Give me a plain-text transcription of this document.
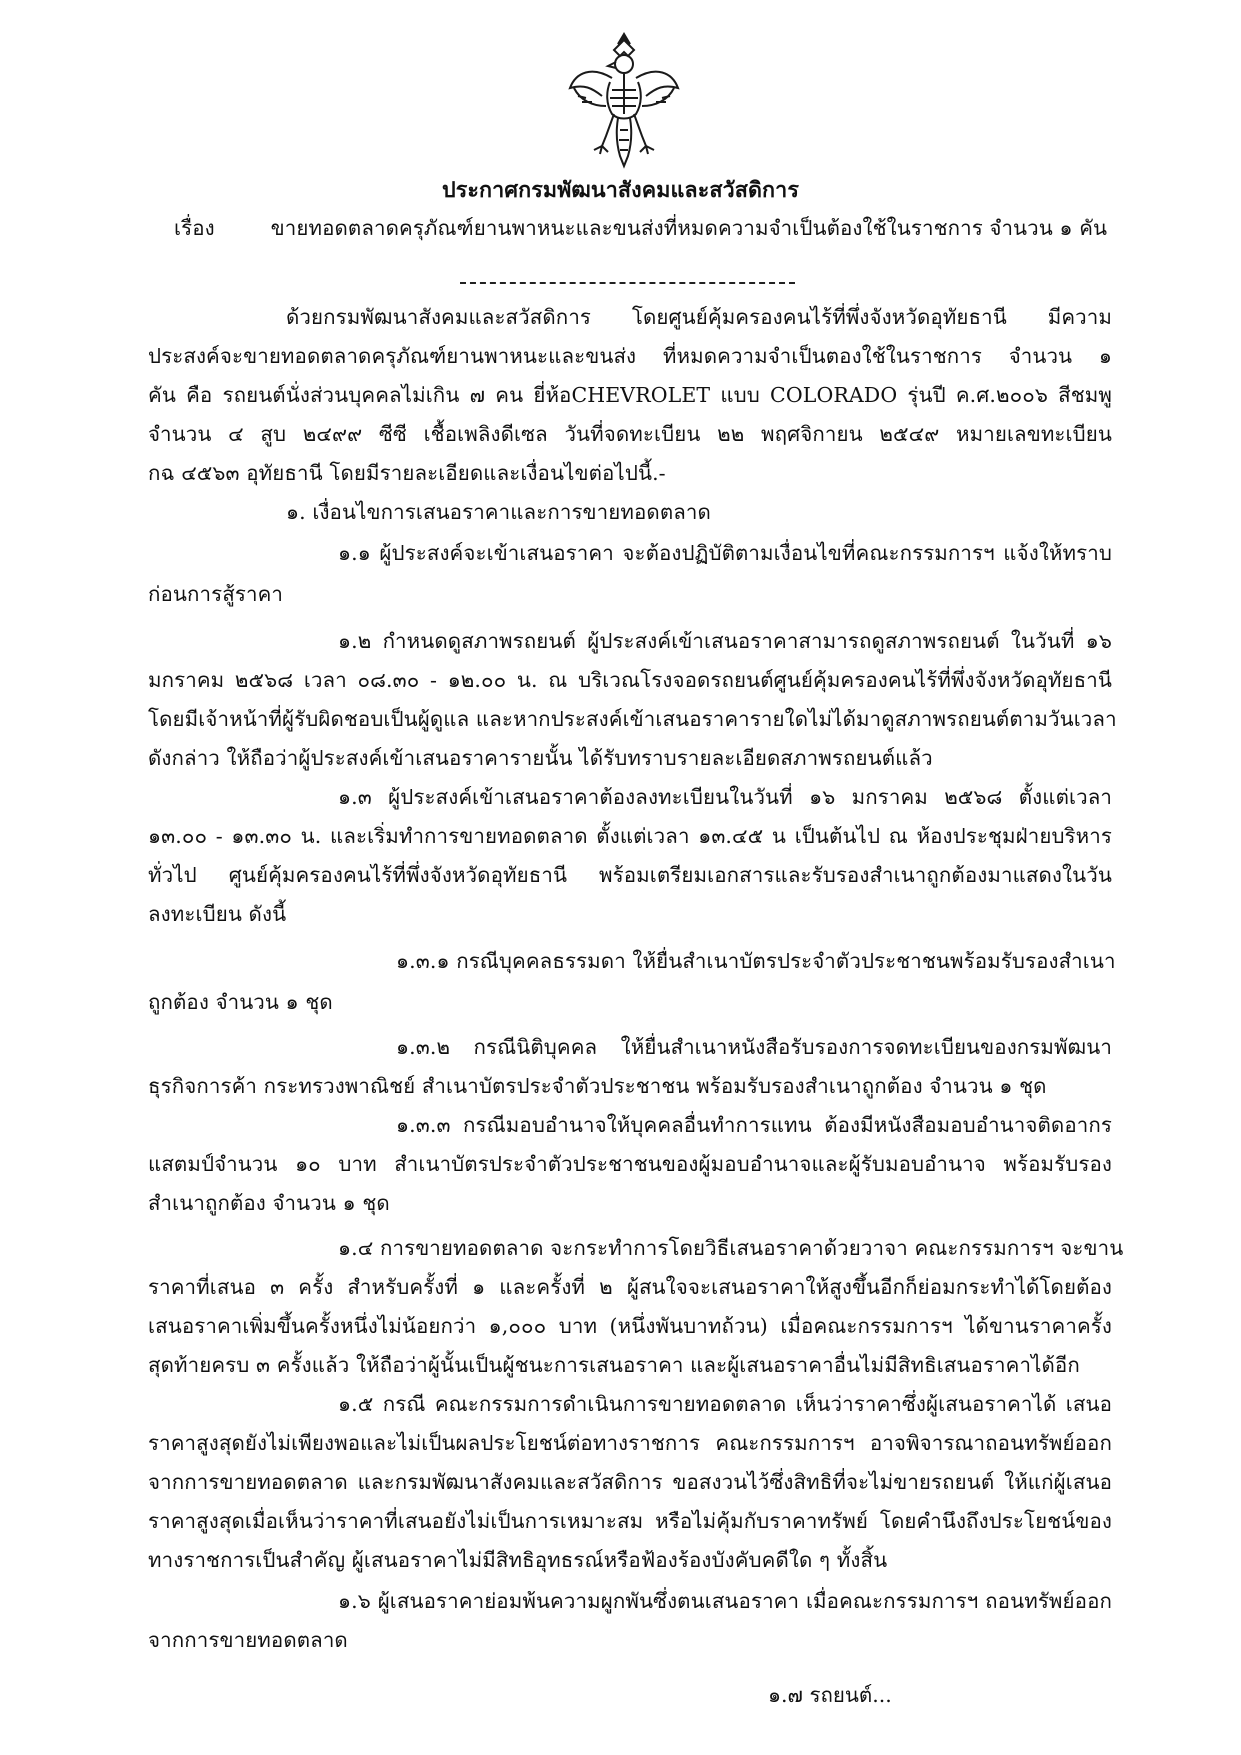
ประกาศกรมพัฒนาสังคมและสวัสดิการ
เรื่อง	ขายทอดตลาดครุภัณฑ์ยานพาหนะและขนส่งที่หมดความจำเป็นต้องใช้ในราชการ จำนวน ๑ คัน
ด้วยกรมพัฒนาสังคมและสวัสดิการ โดยศูนย์คุ้มครองคนไร้ที่พึ่งจังหวัดอุทัยธานี มีความ
ประสงค์จะขายทอดตลาดครุภัณฑ์ยานพาหนะและขนส่ง ที่หมดความจำเป็นตองใช้ในราชการ จำนวน ๑
คัน คือ รถยนต์นั่งส่วนบุคคลไม่เกิน ๗ คน ยี่ห้อCHEVROLET แบบ COLORADO รุ่นปี ค.ศ.๒๐๐๖ สีชมพู
จำนวน ๔ สูบ ๒๔๙๙ ซีซี เชื้อเพลิงดีเซล วันที่จดทะเบียน ๒๒ พฤศจิกายน ๒๕๔๙ หมายเลขทะเบียน
กฉ ๔๕๖๓ อุทัยธานี โดยมีรายละเอียดและเงื่อนไขต่อไปนี้.-
๑. เงื่อนไขการเสนอราคาและการขายทอดตลาด
๑.๑ ผู้ประสงค์จะเข้าเสนอราคา จะต้องปฏิบัติตามเงื่อนไขที่คณะกรรมการฯ แจ้งให้ทราบ
ก่อนการสู้ราคา
๑.๒ กำหนดดูสภาพรถยนต์ ผู้ประสงค์เข้าเสนอราคาสามารถดูสภาพรถยนต์ ในวันที่ ๑๖
มกราคม ๒๕๖๘ เวลา ๐๘.๓๐ - ๑๒.๐๐ น. ณ บริเวณโรงจอดรถยนต์ศูนย์คุ้มครองคนไร้ที่พึ่งจังหวัดอุทัยธานี
โดยมีเจ้าหน้าที่ผู้รับผิดชอบเป็นผู้ดูแล และหากประสงค์เข้าเสนอราคารายใดไม่ได้มาดูสภาพรถยนต์ตามวันเวลา
ดังกล่าว ให้ถือว่าผู้ประสงค์เข้าเสนอราคารายนั้น ได้รับทราบรายละเอียดสภาพรถยนต์แล้ว
๑.๓ ผู้ประสงค์เข้าเสนอราคาต้องลงทะเบียนในวันที่ ๑๖ มกราคม ๒๕๖๘ ตั้งแต่เวลา
๑๓.๐๐ - ๑๓.๓๐ น. และเริ่มทำการขายทอดตลาด ตั้งแต่เวลา ๑๓.๔๕ น เป็นต้นไป ณ ห้องประชุมฝ่ายบริหาร
ทั่วไป ศูนย์คุ้มครองคนไร้ที่พึ่งจังหวัดอุทัยธานี พร้อมเตรียมเอกสารและรับรองสำเนาถูกต้องมาแสดงในวัน
ลงทะเบียน ดังนี้
๑.๓.๑ กรณีบุคคลธรรมดา ให้ยื่นสำเนาบัตรประจำตัวประชาชนพร้อมรับรองสำเนา
ถูกต้อง จำนวน ๑ ชุด
๑.๓.๒ กรณีนิติบุคคล ให้ยื่นสำเนาหนังสือรับรองการจดทะเบียนของกรมพัฒนา
ธุรกิจการค้า กระทรวงพาณิชย์ สำเนาบัตรประจำตัวประชาชน พร้อมรับรองสำเนาถูกต้อง จำนวน ๑ ชุด
๑.๓.๓ กรณีมอบอำนาจให้บุคคลอื่นทำการแทน ต้องมีหนังสือมอบอำนาจติดอากร
แสตมป์จำนวน ๑๐ บาท สำเนาบัตรประจำตัวประชาชนของผู้มอบอำนาจและผู้รับมอบอำนาจ พร้อมรับรอง
สำเนาถูกต้อง จำนวน ๑ ชุด
๑.๔ การขายทอดตลาด จะกระทำการโดยวิธีเสนอราคาด้วยวาจา คณะกรรมการฯ จะขาน
ราคาที่เสนอ ๓ ครั้ง สำหรับครั้งที่ ๑ และครั้งที่ ๒ ผู้สนใจจะเสนอราคาให้สูงขึ้นอีกก็ย่อมกระทำได้โดยต้อง
เสนอราคาเพิ่มขึ้นครั้งหนึ่งไม่น้อยกว่า ๑,๐๐๐ บาท (หนึ่งพันบาทถ้วน) เมื่อคณะกรรมการฯ ได้ขานราคาครั้ง
สุดท้ายครบ ๓ ครั้งแล้ว ให้ถือว่าผู้นั้นเป็นผู้ชนะการเสนอราคา และผู้เสนอราคาอื่นไม่มีสิทธิเสนอราคาได้อีก
๑.๕ กรณี คณะกรรมการดำเนินการขายทอดตลาด เห็นว่าราคาซึ่งผู้เสนอราคาได้ เสนอ
ราคาสูงสุดยังไม่เพียงพอและไม่เป็นผลประโยชน์ต่อทางราชการ คณะกรรมการฯ อาจพิจารณาถอนทรัพย์ออก
จากการขายทอดตลาด และกรมพัฒนาสังคมและสวัสดิการ ขอสงวนไว้ซึ่งสิทธิที่จะไม่ขายรถยนต์ ให้แก่ผู้เสนอ
ราคาสูงสุดเมื่อเห็นว่าราคาที่เสนอยังไม่เป็นการเหมาะสม หรือไม่คุ้มกับราคาทรัพย์ โดยคำนึงถึงประโยชน์ของ
ทางราชการเป็นสำคัญ ผู้เสนอราคาไม่มีสิทธิอุทธรณ์หรือฟ้องร้องบังคับคดีใด ๆ ทั้งสิ้น
๑.๖ ผู้เสนอราคาย่อมพ้นความผูกพันซึ่งตนเสนอราคา เมื่อคณะกรรมการฯ ถอนทรัพย์ออก
จากการขายทอดตลาด
๑.๗ รถยนต์...
